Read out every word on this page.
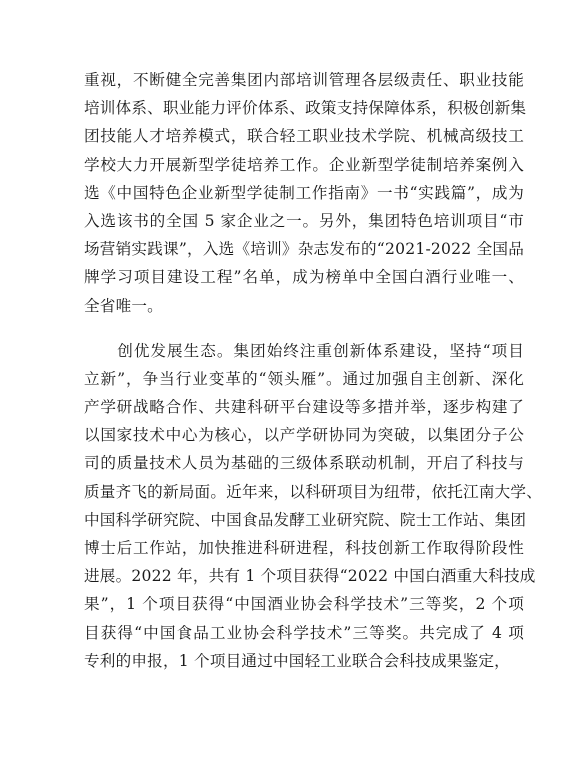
重视，不断健全完善集团内部培训管理各层级责任、职业技能
培训体系、职业能力评价体系、政策支持保障体系，积极创新集
团技能人才培养模式，联合轻工职业技术学院、机械高级技工
学校大力开展新型学徒培养工作。企业新型学徒制培养案例入
选《中国特色企业新型学徒制工作指南》一书“实践篇”，成为
入选该书的全国 5 家企业之一。另外，集团特色培训项目“市
场营销实践课”，入选《培训》杂志发布的“2021-2022 全国品
牌学习项目建设工程”名单，成为榜单中全国白酒行业唯一、
全省唯一。
　　创优发展生态。集团始终注重创新体系建设，坚持“项目
立新”，争当行业变革的“领头雁”。通过加强自主创新、深化
产学研战略合作、共建科研平台建设等多措并举，逐步构建了
以国家技术中心为核心，以产学研协同为突破，以集团分子公
司的质量技术人员为基础的三级体系联动机制，开启了科技与
质量齐飞的新局面。近年来，以科研项目为纽带，依托江南大学、
中国科学研究院、中国食品发酵工业研究院、院士工作站、集团
博士后工作站，加快推进科研进程，科技创新工作取得阶段性
进展。2022 年，共有 1 个项目获得“2022 中国白酒重大科技成
果”，1 个项目获得“中国酒业协会科学技术”三等奖，2 个项
目获得“中国食品工业协会科学技术”三等奖。共完成了 4 项
专利的申报，1 个项目通过中国轻工业联合会科技成果鉴定，
